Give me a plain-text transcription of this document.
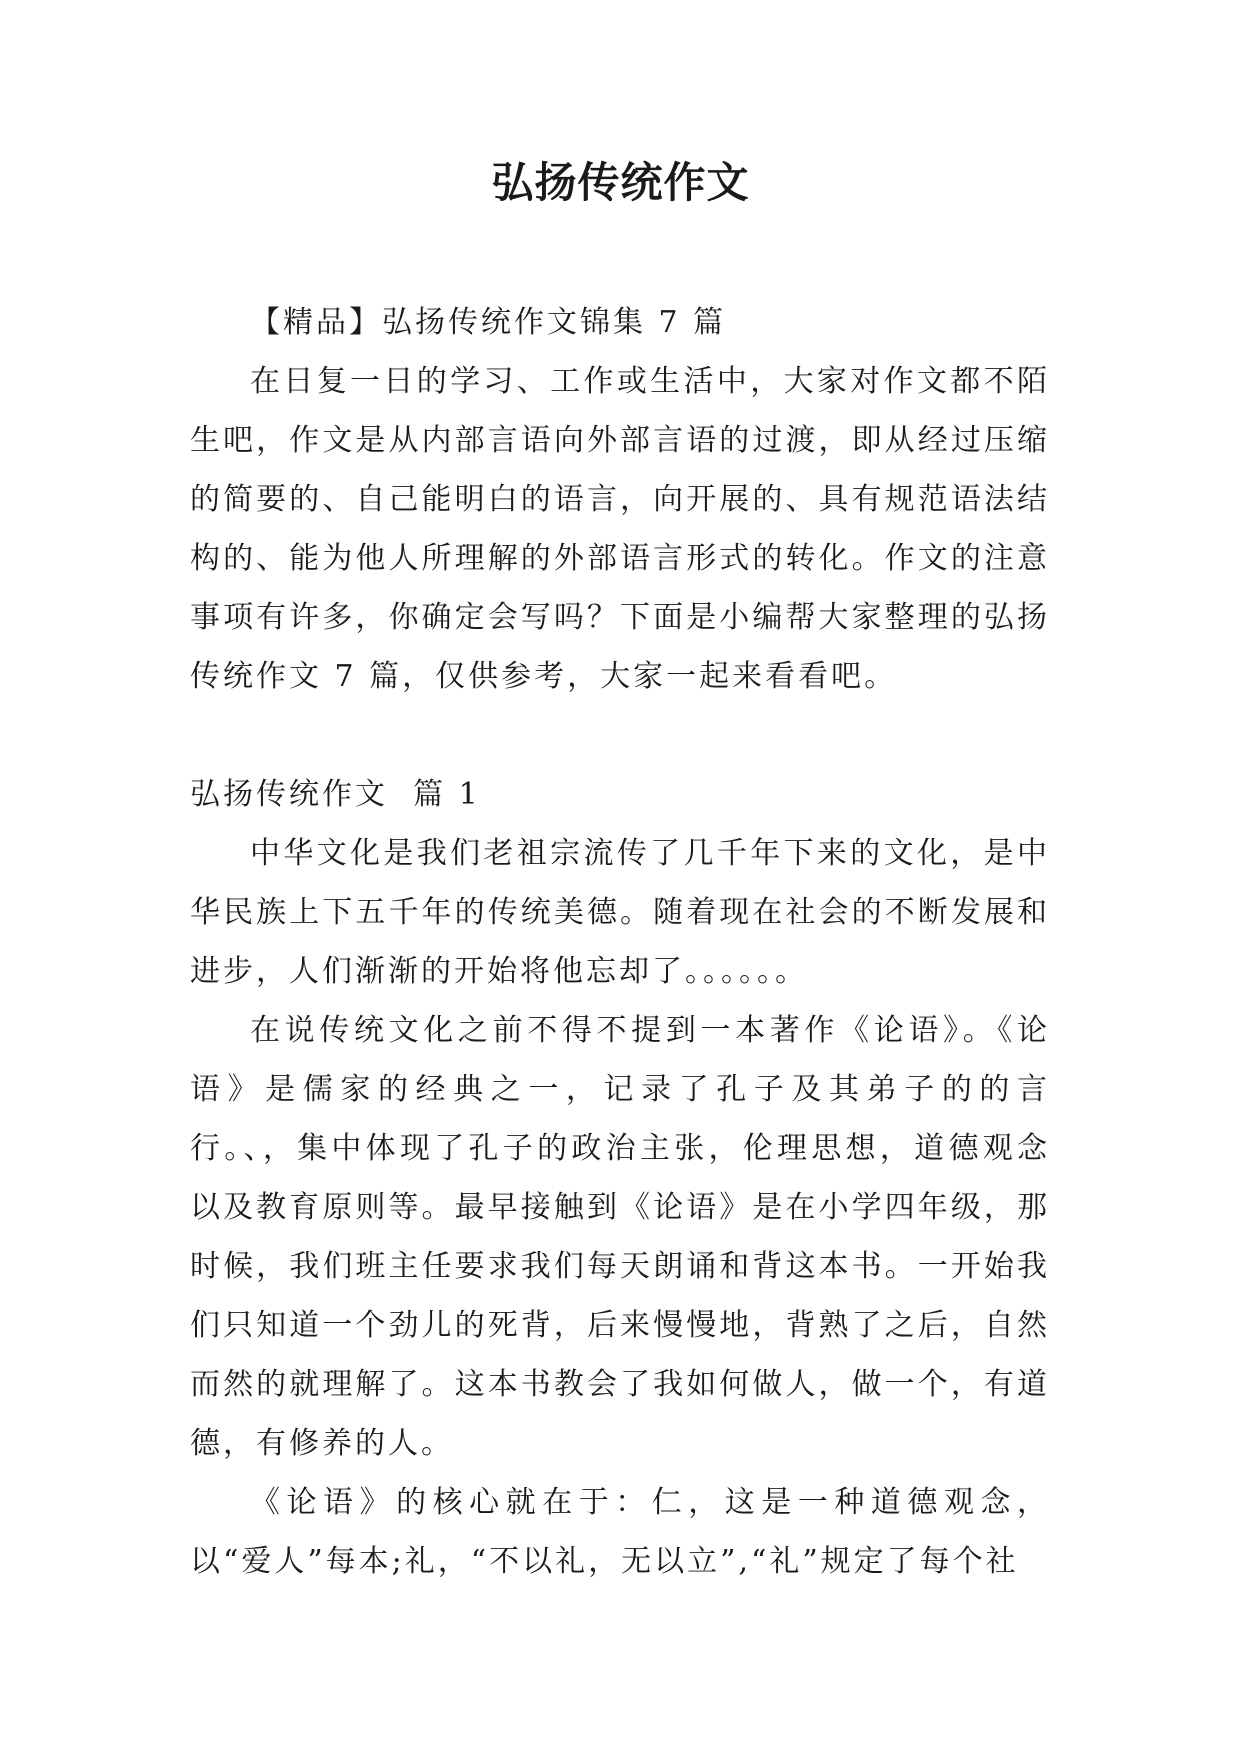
弘扬传统作文

【精品】弘扬传统作文锦集 7 篇

在日复一日的学习、工作或生活中，大家对作文都不陌生吧，作文是从内部言语向外部言语的过渡，即从经过压缩的简要的、自己能明白的语言，向开展的、具有规范语法结构的、能为他人所理解的外部语言形式的转化。作文的注意事项有许多，你确定会写吗？下面是小编帮大家整理的弘扬传统作文 7 篇，仅供参考，大家一起来看看吧。

弘扬传统作文  篇 1

中华文化是我们老祖宗流传了几千年下来的文化，是中华民族上下五千年的传统美德。随着现在社会的不断发展和进步，人们渐渐的开始将他忘却了。。。。。。

在说传统文化之前不得不提到一本著作《论语》。《论语》是儒家的经典之一，记录了孔子及其弟子的的言行。、，集中体现了孔子的政治主张，伦理思想，道德观念以及教育原则等。最早接触到《论语》是在小学四年级，那时候，我们班主任要求我们每天朗诵和背这本书。一开始我们只知道一个劲儿的死背，后来慢慢地，背熟了之后，自然而然的就理解了。这本书教会了我如何做人，做一个，有道德，有修养的人。

《论语》的核心就在于：仁，这是一种道德观念，以“爱人”每本;礼，“不以礼，无以立”,“礼”规定了每个社
